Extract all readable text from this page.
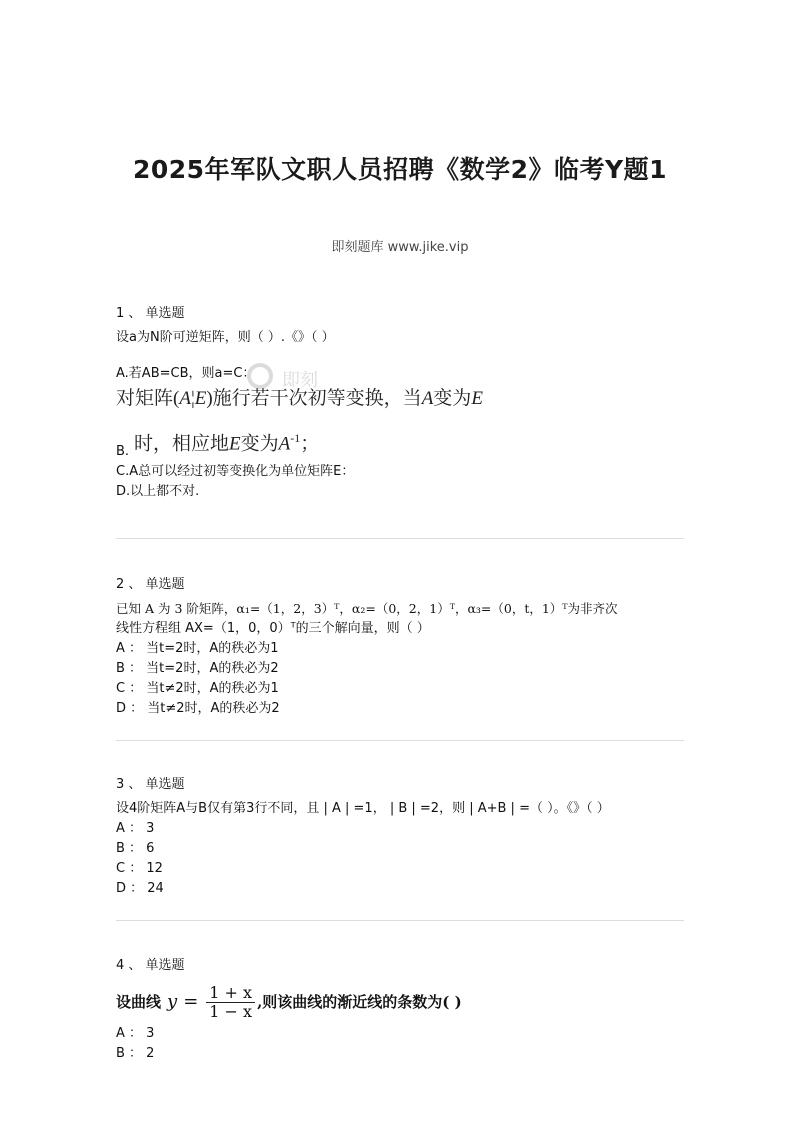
2025年军队文职人员招聘《数学2》临考Y题1
即刻题库 www.jike.vip
1 、 单选题
设a为N阶可逆矩阵，则（ ）.《》（ ）
A.若AB=CB，则a=C：
对矩阵(A¦E)施行若干次初等变换，当A变为E
B. 时，相应地E变为$A^{-1}$；
C.A总可以经过初等变换化为单位矩阵E：
D.以上都不对.
即刻
2 、 单选题
已知 A 为 3 阶矩阵，α₁=（1，2，3）ᵀ，α₂=（0，2，1）ᵀ，α₃=（0，t，1）ᵀ为非齐次
线性方程组 AX=（1，0，0）ᵀ的三个解向量，则（ ）
A ： 当t=2时，A的秩必为1
B ： 当t=2时，A的秩必为2
C ： 当t≠2时，A的秩必为1
D ： 当t≠2时，A的秩必为2
3 、 单选题
设4阶矩阵A与B仅有第3行不同，且 | A | =1， | B | =2，则 | A+B | =（ ）。《》（ ）
A ： 3
B ： 6
C ： 12
D ： 24
4 、 单选题
设曲线 $y = \frac{1 + x}{1 - x}$ ,则该曲线的渐近线的条数为( )
A ： 3
B ： 2
